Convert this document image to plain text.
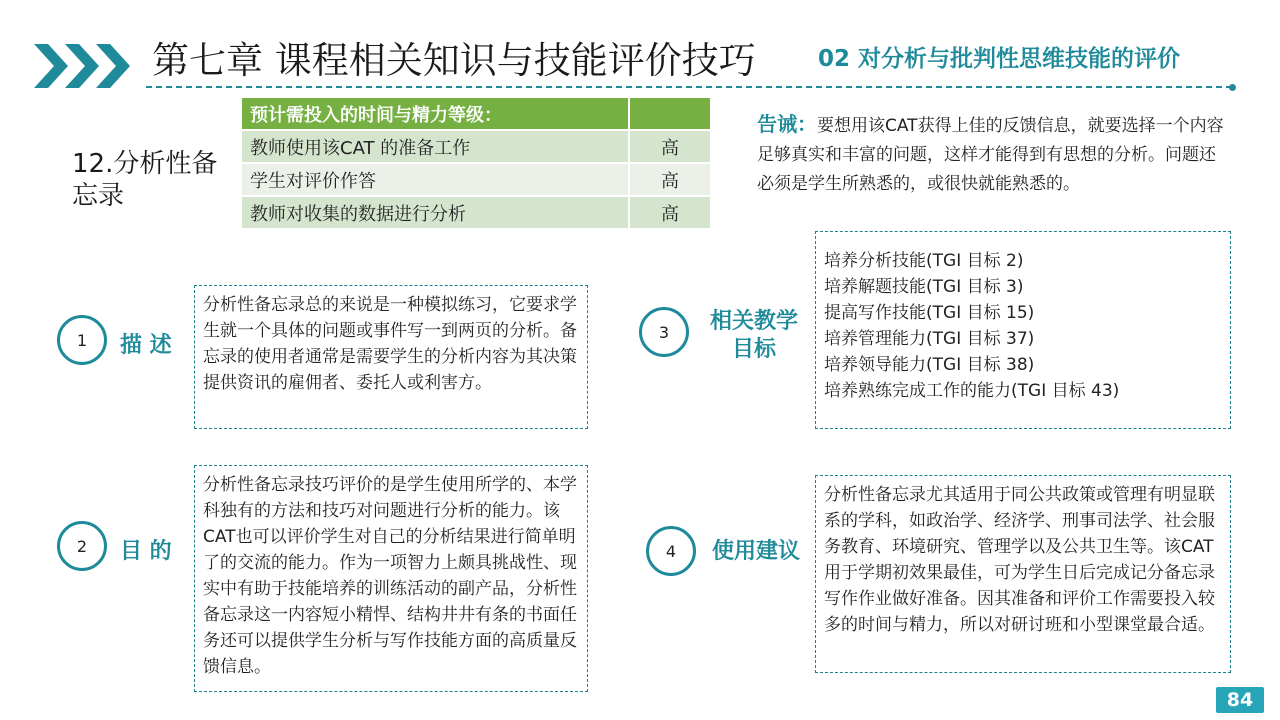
第七章 课程相关知识与技能评价技巧	02 对分析与批判性思维技能的评价
12.分析性备忘录
预计需投入的时间与精力等级：	
教师使用该CAT 的准备工作	高
学生对评价作答	高
教师对收集的数据进行分析	高
告诫：要想用该CAT获得上佳的反馈信息，就要选择一个内容足够真实和丰富的问题，这样才能得到有思想的分析。问题还必须是学生所熟悉的，或很快就能熟悉的。
1	描 述
分析性备忘录总的来说是一种模拟练习，它要求学生就一个具体的问题或事件写一到两页的分析。备忘录的使用者通常是需要学生的分析内容为其决策提供资讯的雇佣者、委托人或利害方。
2	目 的
分析性备忘录技巧评价的是学生使用所学的、本学科独有的方法和技巧对问题进行分析的能力。该CAT也可以评价学生对自己的分析结果进行简单明了的交流的能力。作为一项智力上颇具挑战性、现实中有助于技能培养的训练活动的副产品，分析性备忘录这一内容短小精悍、结构井井有条的书面任务还可以提供学生分析与写作技能方面的高质量反馈信息。
3	相关教学
目标
培养分析技能(TGI 目标 2)
培养解题技能(TGI 目标 3)
提高写作技能(TGI 目标 15)
培养管理能力(TGI 目标 37)
培养领导能力(TGI 目标 38)
培养熟练完成工作的能力(TGI 目标 43)
4	使用建议
分析性备忘录尤其适用于同公共政策或管理有明显联系的学科，如政治学、经济学、刑事司法学、社会服务教育、环境研究、管理学以及公共卫生等。该CAT用于学期初效果最佳，可为学生日后完成记分备忘录写作作业做好准备。因其准备和评价工作需要投入较多的时间与精力，所以对研讨班和小型课堂最合适。
84
